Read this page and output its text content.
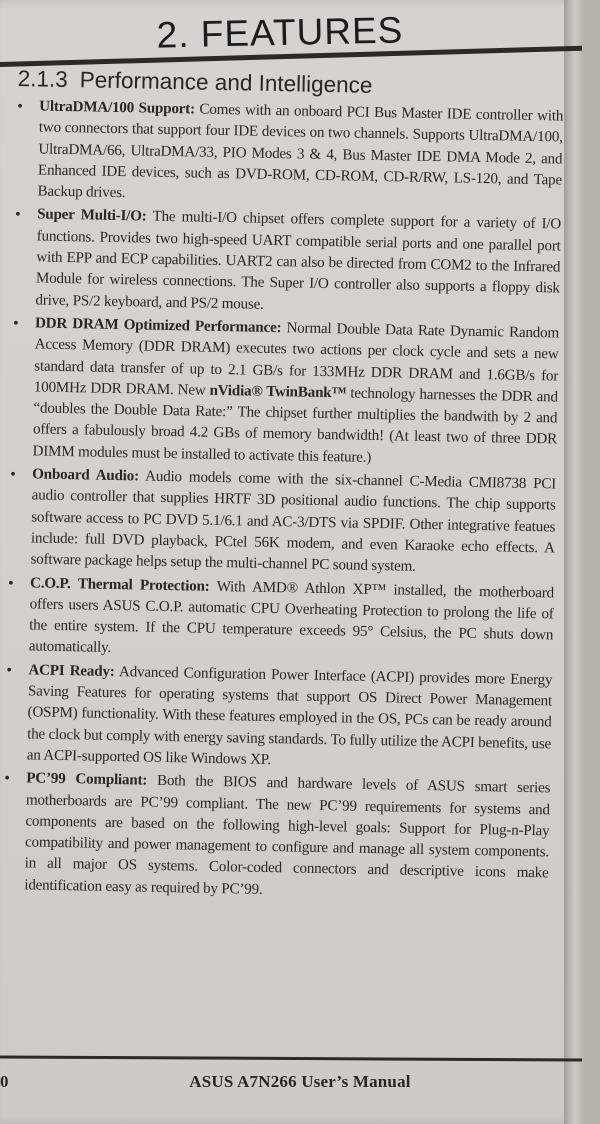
2. FEATURES
2.1.3 Performance and Intelligence
• UltraDMA/100 Support: Comes with an onboard PCI Bus Master IDE controller with two connectors that support four IDE devices on two channels. Supports UltraDMA/100, UltraDMA/66, UltraDMA/33, PIO Modes 3 & 4, Bus Master IDE DMA Mode 2, and Enhanced IDE devices, such as DVD-ROM, CD-ROM, CD-R/RW, LS-120, and Tape Backup drives.
• Super Multi-I/O: The multi-I/O chipset offers complete support for a variety of I/O functions. Provides two high-speed UART compatible serial ports and one parallel port with EPP and ECP capabilities. UART2 can also be directed from COM2 to the Infrared Module for wireless connections. The Super I/O controller also supports a floppy disk drive, PS/2 keyboard, and PS/2 mouse.
• DDR DRAM Optimized Performance: Normal Double Data Rate Dynamic Random Access Memory (DDR DRAM) executes two actions per clock cycle and sets a new standard data transfer of up to 2.1 GB/s for 133MHz DDR DRAM and 1.6GB/s for 100MHz DDR DRAM. New nVidia® TwinBank™ technology harnesses the DDR and “doubles the Double Data Rate:” The chipset further multiplies the bandwith by 2 and offers a fabulously broad 4.2 GBs of memory bandwidth! (At least two of three DDR DIMM modules must be installed to activate this feature.)
• Onboard Audio: Audio models come with the six-channel C-Media CMI8738 PCI audio controller that supplies HRTF 3D positional audio functions. The chip supports software access to PC DVD 5.1/6.1 and AC-3/DTS via SPDIF. Other integrative featues include: full DVD playback, PCtel 56K modem, and even Karaoke echo effects. A software package helps setup the multi-channel PC sound system.
• C.O.P. Thermal Protection: With AMD® Athlon XP™ installed, the motherboard offers users ASUS C.O.P. automatic CPU Overheating Protection to prolong the life of the entire system. If the CPU temperature exceeds 95° Celsius, the PC shuts down automatically.
• ACPI Ready: Advanced Configuration Power Interface (ACPI) provides more Energy Saving Features for operating systems that support OS Direct Power Management (OSPM) functionality. With these features employed in the OS, PCs can be ready around the clock but comply with energy saving standards. To fully utilize the ACPI benefits, use an ACPI-supported OS like Windows XP.
• PC’99 Compliant: Both the BIOS and hardware levels of ASUS smart series motherboards are PC’99 compliant. The new PC’99 requirements for systems and components are based on the following high-level goals: Support for Plug-n-Play compatibility and power management to configure and manage all system components. in all major OS systems. Color-coded connectors and descriptive icons make identification easy as required by PC’99.
0	ASUS A7N266 User’s Manual
